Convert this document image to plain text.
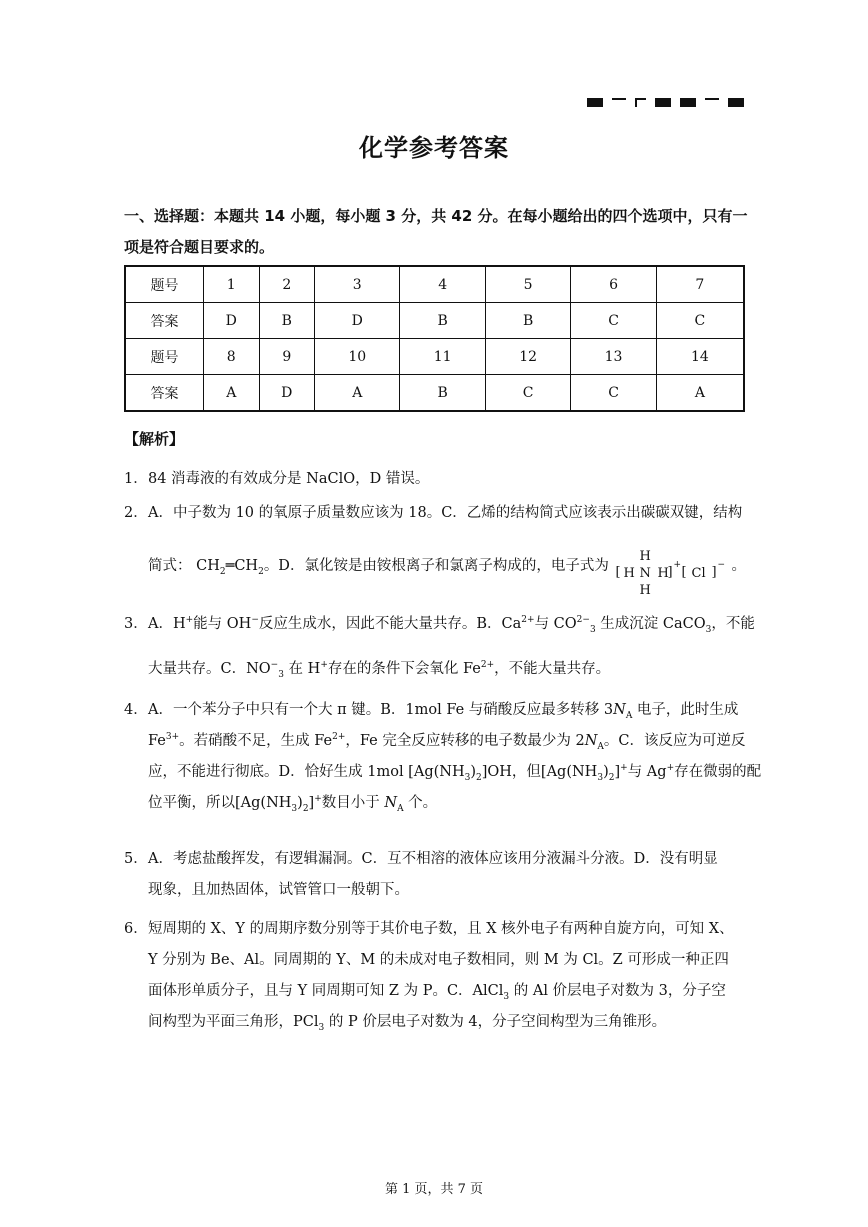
化学参考答案
一、选择题：本题共 14 小题，每小题 3 分，共 42 分。在每小题给出的四个选项中，只有一项是符合题目要求的。
题号	1	2	3	4	5	6	7
答案	D	B	D	B	B	C	C
题号	8	9	10	11	12	13	14
答案	A	D	A	B	C	C	A
【解析】
1． 84 消毒液的有效成分是 NaClO，D 错误。
2． A．中子数为 10 的氧原子质量数应该为 18。C．乙烯的结构简式应该表示出碳碳双键，结构
简式： $CH_2═CH_2$。D．氯化铵是由铵根离子和氯离子构成的，电子式为 [ H
H
N
H
H
] + [ Cl ] − 。
3． A．H+能与 OH−反应生成水，因此不能大量共存。B．$Ca^{2+}$与 $CO^{2-}_3$ 生成沉淀 CaCO$_3$，不能
大量共存。C．$NO^-_3$ 在 H+存在的条件下会氧化 $Fe^{2+}$，不能大量共存。
4． A．一个苯分子中只有一个大 π 键。B．1mol Fe 与硝酸反应最多转移 $3N_A$ 电子，此时生成
$Fe^{3+}$。若硝酸不足，生成 $Fe^{2+}$，Fe 完全反应转移的电子数最少为 $2N_A$。C．该反应为可逆反
应，不能进行彻底。D．恰好生成 1mol $[Ag(NH_3)_2]OH$，但$[Ag(NH_3)_2]^+$与 Ag+存在微弱的配
位平衡，所以$[Ag(NH_3)_2]^+$数目小于 $N_A$ 个。
5． A．考虑盐酸挥发，有逻辑漏洞。C．互不相溶的液体应该用分液漏斗分液。D．没有明显
现象，且加热固体，试管管口一般朝下。
6． 短周期的 X、Y 的周期序数分别等于其价电子数，且 X 核外电子有两种自旋方向，可知 X、
Y 分别为 Be、Al。同周期的 Y、M 的未成对电子数相同，则 M 为 Cl。Z 可形成一种正四
面体形单质分子，且与 Y 同周期可知 Z 为 P。C．AlCl$_3$ 的 Al 价层电子对数为 3，分子空
间构型为平面三角形，PCl$_3$ 的 P 价层电子对数为 4，分子空间构型为三角锥形。
第 1 页，共 7 页
